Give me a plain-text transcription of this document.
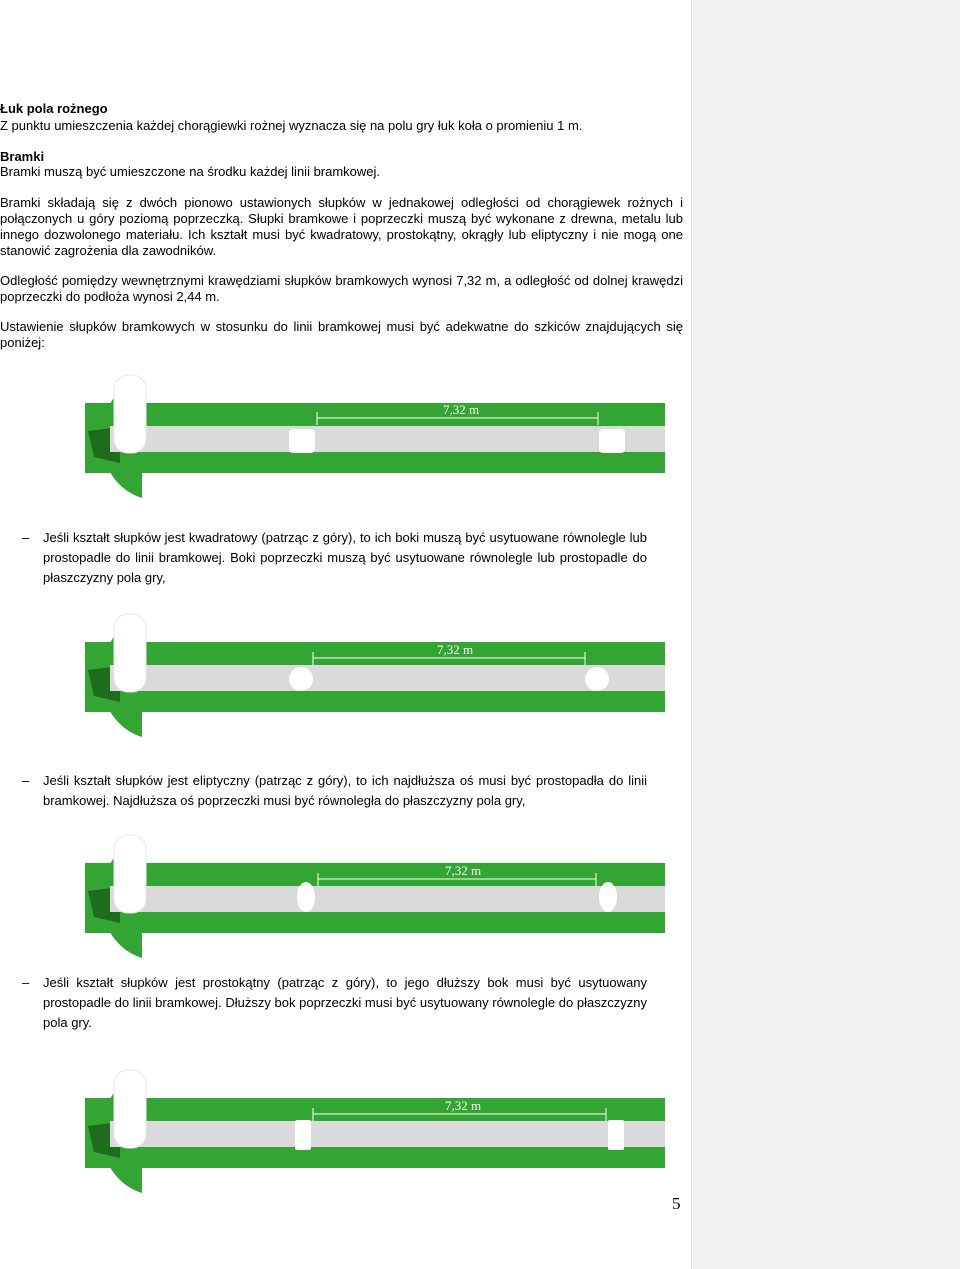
Łuk pola rożnego

Z punktu umieszczenia każdej chorągiewki rożnej wyznacza się na polu gry łuk koła o promieniu 1 m.

Bramki

Bramki muszą być umieszczone na środku każdej linii bramkowej.

Bramki składają się z dwóch pionowo ustawionych słupków w jednakowej odległości od chorągiewek rożnych i połączonych u góry poziomą poprzeczką. Słupki bramkowe i poprzeczki muszą być wykonane z drewna, metalu lub innego dozwolonego materiału. Ich kształt musi być kwadratowy, prostokątny, okrągły lub eliptyczny i nie mogą one stanowić zagrożenia dla zawodników.

Odległość pomiędzy wewnętrznymi krawędziami słupków bramkowych wynosi 7,32 m, a odległość od dolnej krawędzi poprzeczki do podłoża wynosi 2,44 m.

Ustawienie słupków bramkowych w stosunku do linii bramkowej musi być adekwatne do szkiców znajdujących się poniżej:

7,32 m
– Jeśli kształt słupków jest kwadratowy (patrząc z góry), to ich boki muszą być usytuowane równolegle lub prostopadle do linii bramkowej. Boki poprzeczki muszą być usytuowane równolegle lub prostopadle do płaszczyzny pola gry,

7,32 m
– Jeśli kształt słupków jest eliptyczny (patrząc z góry), to ich najdłuższa oś musi być prostopadła do linii bramkowej. Najdłuższa oś poprzeczki musi być równoległa do płaszczyzny pola gry,

7,32 m
– Jeśli kształt słupków jest prostokątny (patrząc z góry), to jego dłuższy bok musi być usytuowany prostopadle do linii bramkowej. Dłuższy bok poprzeczki musi być usytuowany równolegle do płaszczyzny pola gry.

7,32 m
5
